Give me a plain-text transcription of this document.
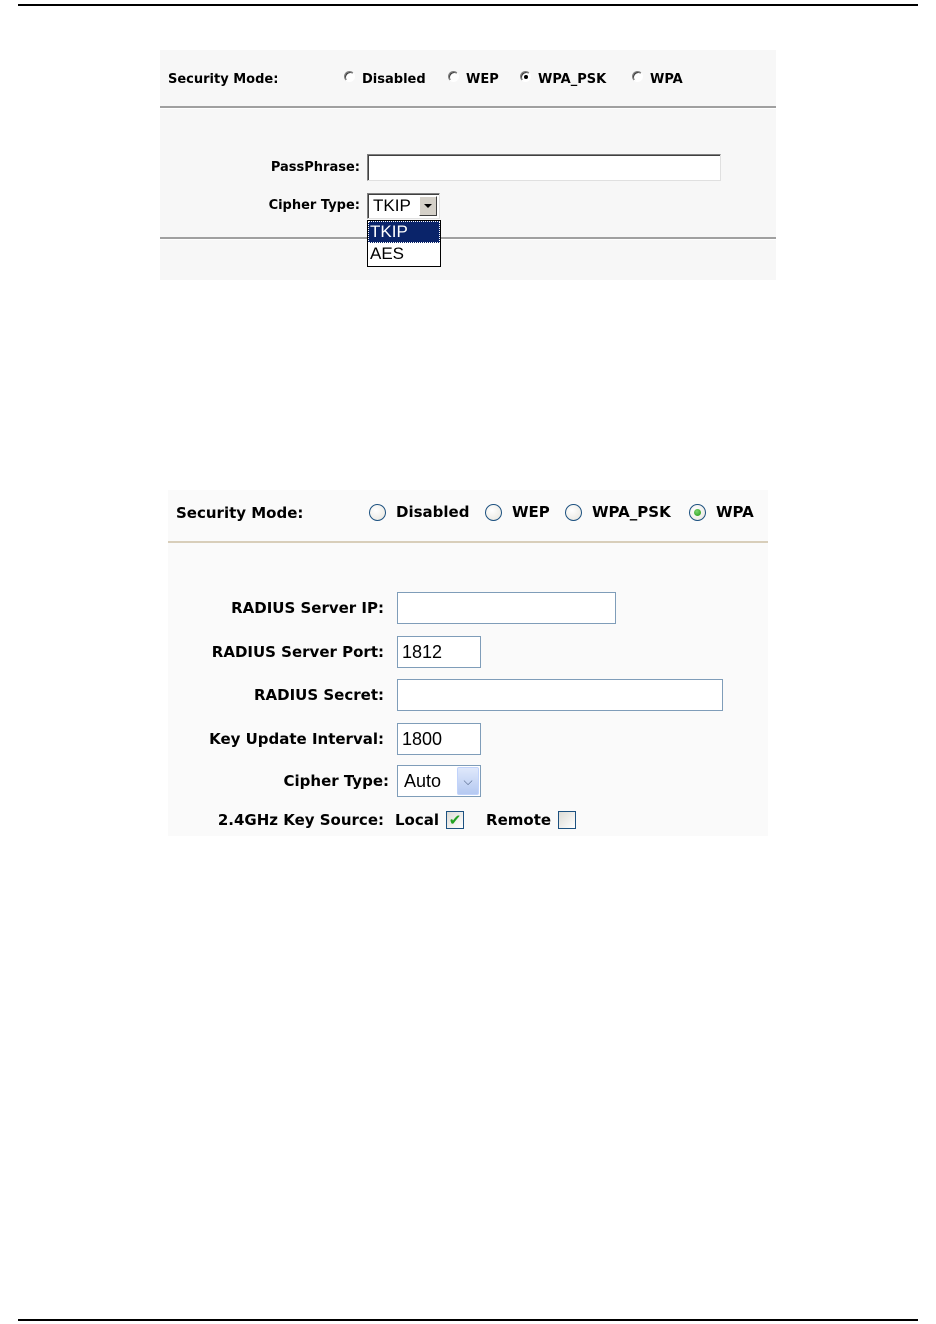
Security Mode:	Disabled	WEP	WPA_PSK	WPA
PassPhrase:
Cipher Type: TKIP
TKIP
AES
Security Mode:	Disabled	WEP	WPA_PSK	WPA
RADIUS Server IP:
RADIUS Server Port: 1812
RADIUS Secret:
Key Update Interval: 1800
Cipher Type: Auto	⌵
2.4GHz Key Source: Local ✔ Remote
